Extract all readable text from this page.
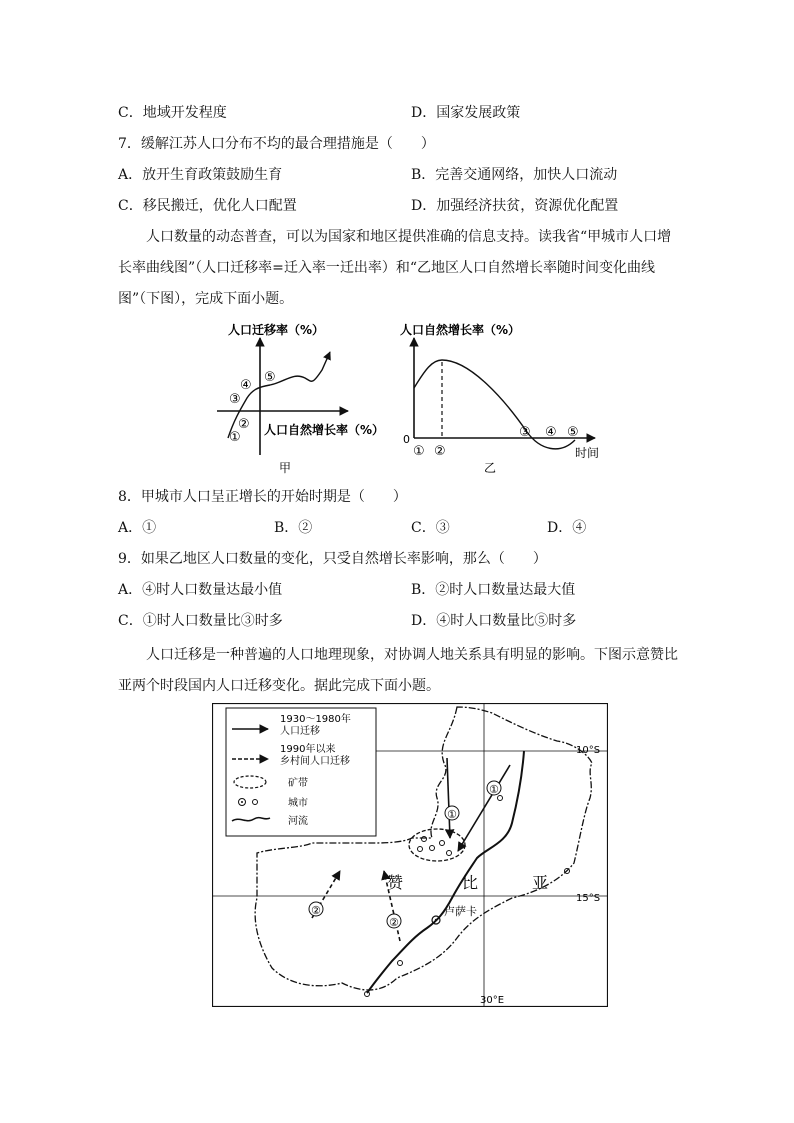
C．地域开发程度	D．国家发展政策
7．缓解江苏人口分布不均的最合理措施是（　　）
A．放开生育政策鼓励生育	B．完善交通网络，加快人口流动
C．移民搬迁，优化人口配置	D．加强经济扶贫，资源优化配置
人口数量的动态普查，可以为国家和地区提供准确的信息支持。读我省“甲城市人口增长率曲线图”（人口迁移率=迁入率一迁出率）和“乙地区人口自然增长率随时间变化曲线图”（下图），完成下面小题。
人口迁移率（%）
人口自然增长率（%）
①
②
③
④
⑤
甲
人口自然增长率（%）
0
① ②
③ ④ ⑤
时间
乙
8．甲城市人口呈正增长的开始时期是（　　）
A．①	B．②	C．③	D．④
9．如果乙地区人口数量的变化，只受自然增长率影响，那么（　　）
A．④时人口数量达最小值	B．②时人口数量达最大值
C．①时人口数量比③时多	D．④时人口数量比⑤时多
人口迁移是一种普遍的人口地理现象，对协调人地关系具有明显的影响。下图示意赞比亚两个时段国内人口迁移变化。据此完成下面小题。
10°S
15°S
30°E
卢萨卡
①
①
②
②
赞	比	亚
1930～1980年
人口迁移
1990年以来
乡村间人口迁移
矿带
城市
河流
